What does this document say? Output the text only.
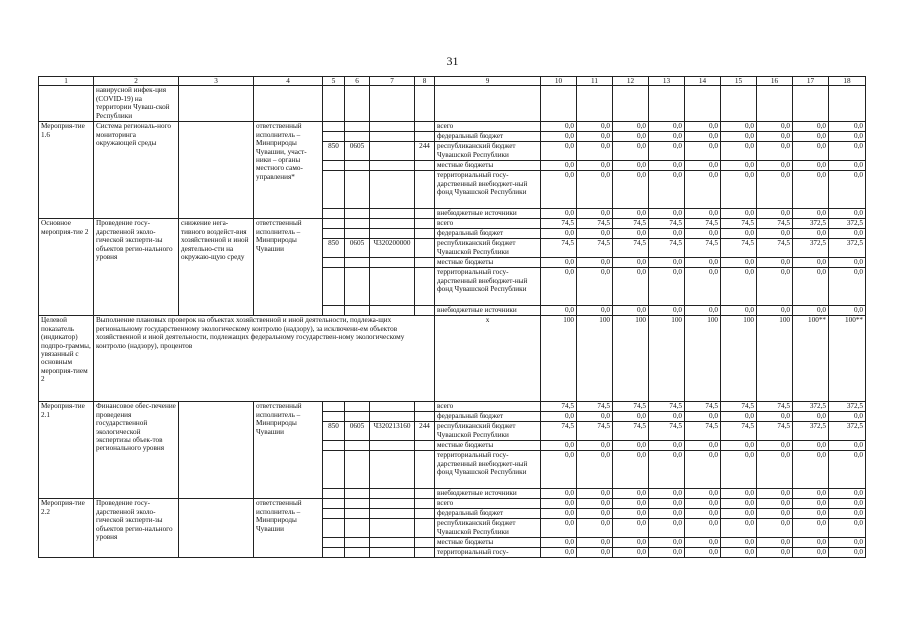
31
1	2	3	4	5	6	7	8	9	10	11	12	13	14	15	16	17	18
	навирусной инфек-ция (COVID-19) на территории Чуваш-ской Республики																
Мероприя-тие 1.6	Система региональ-ного мониторинга окружающей среды		ответственный исполнитель – Минприроды Чувашии, участ-ники – органы местного само-управления*					всего	0,0	0,0	0,0	0,0	0,0	0,0	0,0	0,0	0,0
								федеральный бюджет	0,0	0,0	0,0	0,0	0,0	0,0	0,0	0,0	0,0
				850	0605		244	республиканский бюджет Чувашской Республики	0,0	0,0	0,0	0,0	0,0	0,0	0,0	0,0	0,0
								местные бюджеты	0,0	0,0	0,0	0,0	0,0	0,0	0,0	0,0	0,0
								территориальный госу-дарственный внебюджет-ный фонд Чувашской Республики	0,0	0,0	0,0	0,0	0,0	0,0	0,0	0,0	0,0
								внебюджетные источники	0,0	0,0	0,0	0,0	0,0	0,0	0,0	0,0	0,0
Основное мероприя-тие 2	Проведение госу-дарственной эколо-гической эксперти-зы объектов регио-нального уровня	снижение нега-тивного воздейст-вия хозяйственной и иной деятельно-сти на окружаю-щую среду	ответственный исполнитель – Минприроды Чувашии					всего	74,5	74,5	74,5	74,5	74,5	74,5	74,5	372,5	372,5
								федеральный бюджет	0,0	0,0	0,0	0,0	0,0	0,0	0,0	0,0	0,0
				850	0605	Ч320200000		республиканский бюджет Чувашской Республики	74,5	74,5	74,5	74,5	74,5	74,5	74,5	372,5	372,5
								местные бюджеты	0,0	0,0	0,0	0,0	0,0	0,0	0,0	0,0	0,0
								территориальный госу-дарственный внебюджет-ный фонд Чувашской Республики	0,0	0,0	0,0	0,0	0,0	0,0	0,0	0,0	0,0
								внебюджетные источники	0,0	0,0	0,0	0,0	0,0	0,0	0,0	0,0	0,0
Целевой показатель (индикатор) подпро-граммы, увязанный с основным мероприя-тием 2	Выполнение плановых проверок на объектах хозяйственной и иной деятельности, подлежа-щих региональному государственному экологическому контролю (надзору), за исключени-ем объектов хозяйственной и иной деятельности, подлежащих федеральному государствен-ному экологическому контролю (надзору), процентов							x	100	100	100	100	100	100	100	100**	100**
Мероприя-тие 2.1	Финансовое обес-печение проведения государственной экологической экспертизы объек-тов регионального уровня		ответственный исполнитель – Минприроды Чувашии					всего	74,5	74,5	74,5	74,5	74,5	74,5	74,5	372,5	372,5
								федеральный бюджет	0,0	0,0	0,0	0,0	0,0	0,0	0,0	0,0	0,0
				850	0605	Ч320213160	244	республиканский бюджет Чувашской Республики	74,5	74,5	74,5	74,5	74,5	74,5	74,5	372,5	372,5
								местные бюджеты	0,0	0,0	0,0	0,0	0,0	0,0	0,0	0,0	0,0
								территориальный госу-дарственный внебюджет-ный фонд Чувашской Республики	0,0	0,0	0,0	0,0	0,0	0,0	0,0	0,0	0,0
								внебюджетные источники	0,0	0,0	0,0	0,0	0,0	0,0	0,0	0,0	0,0
Мероприя-тие 2.2	Проведение госу-дарственной эколо-гической эксперти-зы объектов регио-нального уровня		ответственный исполнитель – Минприроды Чувашии					всего	0,0	0,0	0,0	0,0	0,0	0,0	0,0	0,0	0,0
								федеральный бюджет	0,0	0,0	0,0	0,0	0,0	0,0	0,0	0,0	0,0
								республиканский бюджет Чувашской Республики	0,0	0,0	0,0	0,0	0,0	0,0	0,0	0,0	0,0
								местные бюджеты	0,0	0,0	0,0	0,0	0,0	0,0	0,0	0,0	0,0
								территориальный госу-	0,0	0,0	0,0	0,0	0,0	0,0	0,0	0,0	0,0
